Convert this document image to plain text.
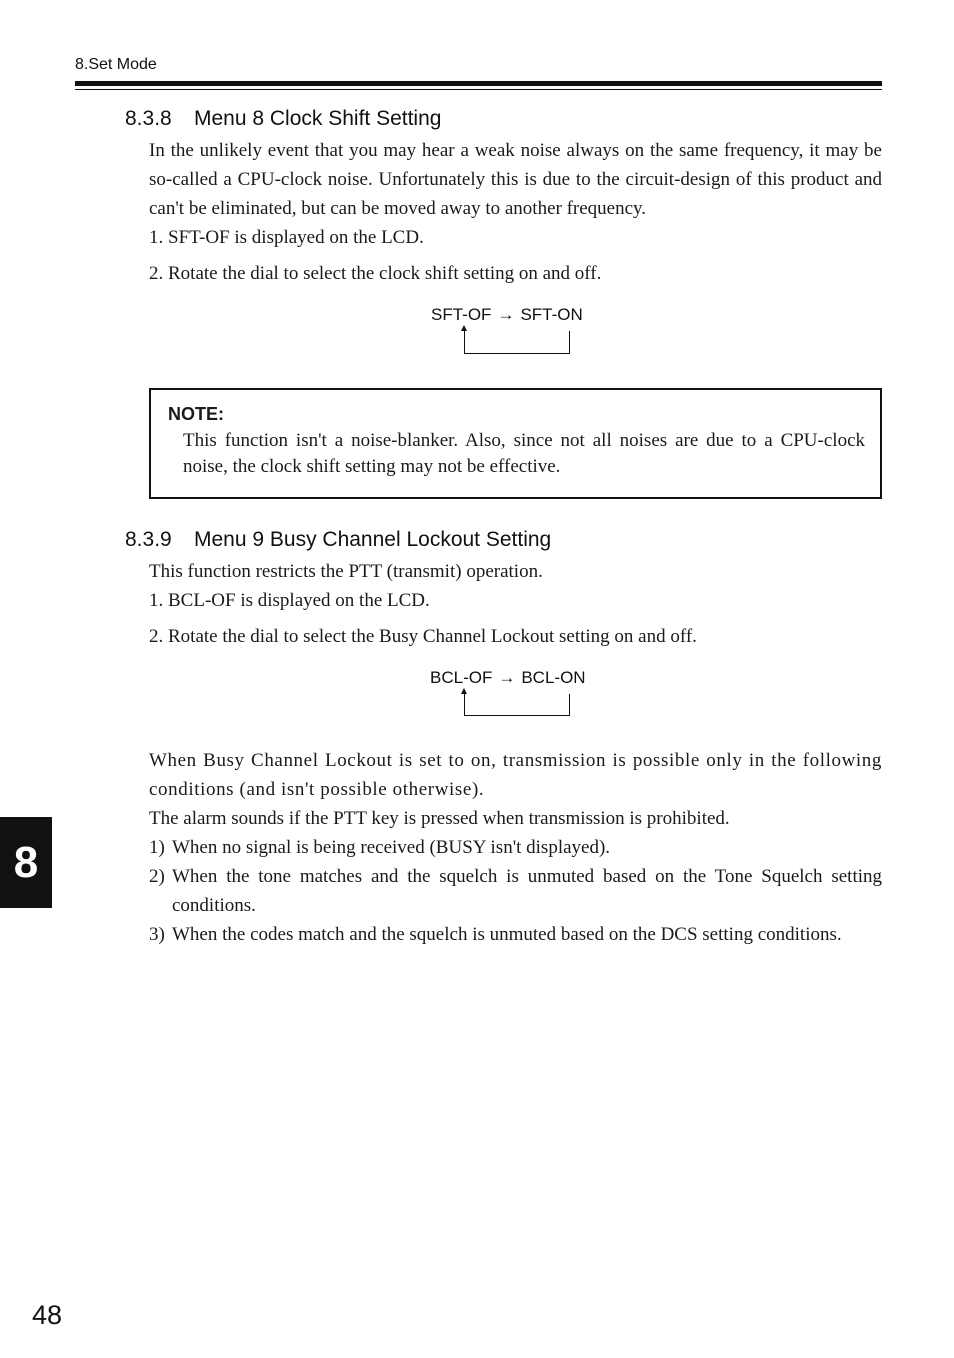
8.Set Mode
8.3.8 Menu 8 Clock Shift Setting

In the unlikely event that you may hear a weak noise always on the same frequency, it may be so-called a CPU-clock noise. Unfortunately this is due to the circuit-design of this product and can't be eliminated, but can be moved away to another frequency.

1. SFT-OF is displayed on the LCD.
2. Rotate the dial to select the clock shift setting on and off.
SFT-OF → SFT-ON
NOTE:
This function isn't a noise-blanker. Also, since not all noises are due to a CPU-clock noise, the clock shift setting may not be effective.
8.3.9 Menu 9 Busy Channel Lockout Setting
This function restricts the PTT (transmit) operation.
1. BCL-OF is displayed on the LCD.
2. Rotate the dial to select the Busy Channel Lockout setting on and off.
BCL-OF → BCL-ON

When Busy Channel Lockout is set to on, transmission is possible only in the following conditions (and isn't possible otherwise).

The alarm sounds if the PTT key is pressed when transmission is prohibited.

1) When no signal is being received (BUSY isn't displayed).
2) When the tone matches and the squelch is unmuted based on the Tone Squelch setting conditions.
3) When the codes match and the squelch is unmuted based on the DCS setting conditions.
8
48
